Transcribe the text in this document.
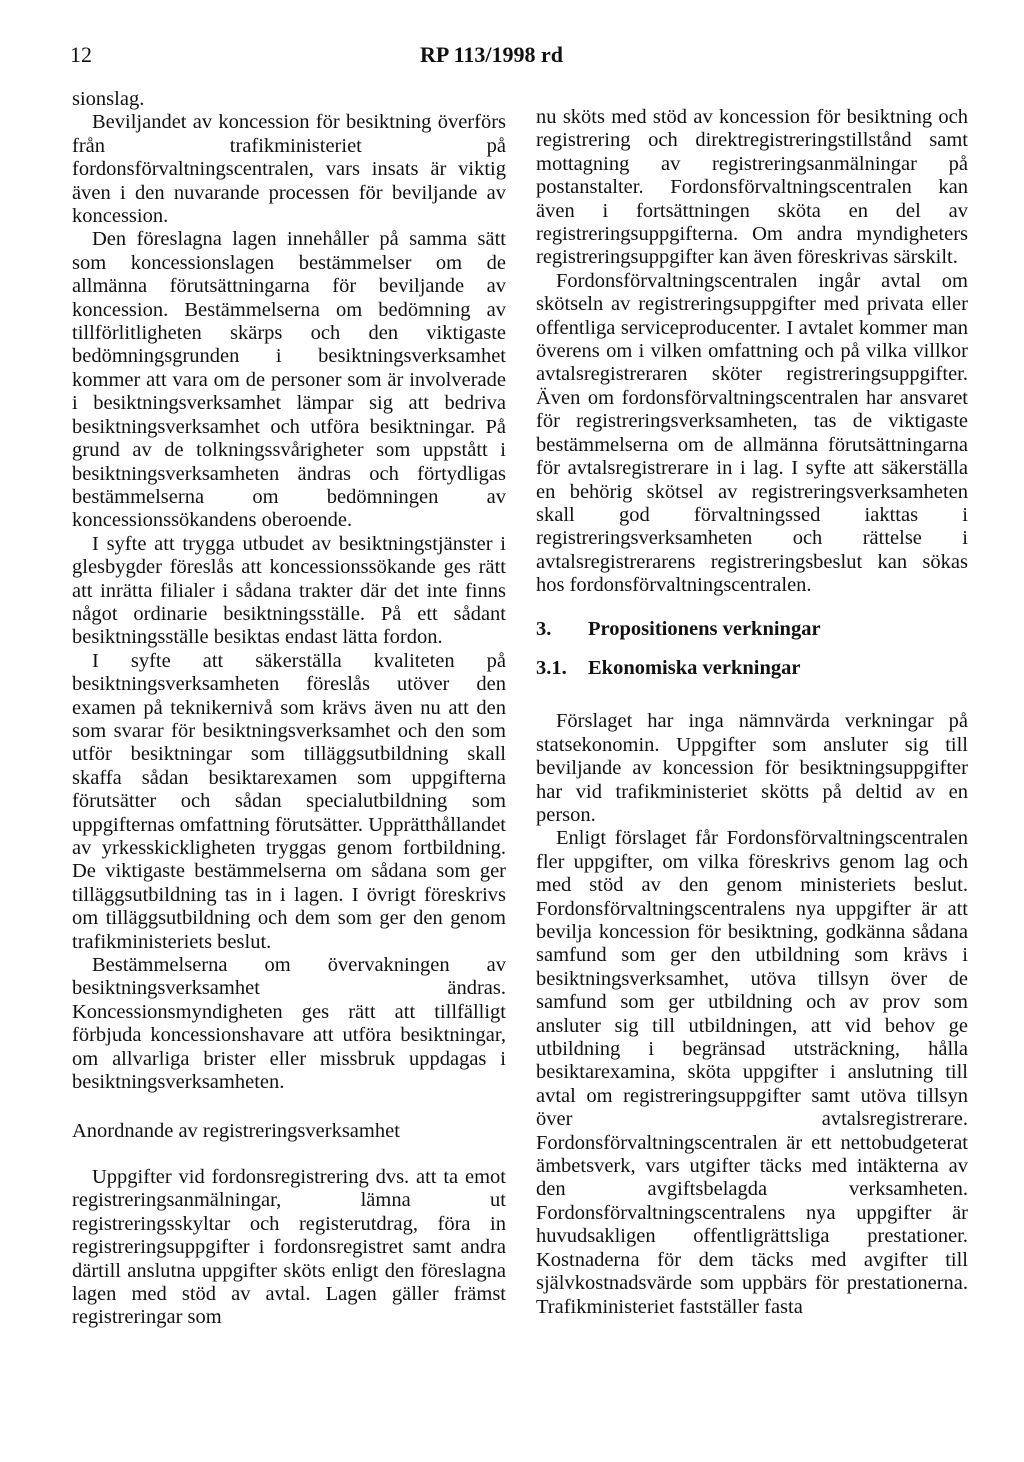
12	RP 113/1998 rd

sionslag.

Beviljandet av koncession för besiktning överförs från trafikministeriet på fordonsförvaltningscentralen, vars insats är viktig även i den nuvarande processen för beviljande av koncession.

Den föreslagna lagen innehåller på samma sätt som koncessionslagen bestämmelser om de allmänna förutsättningarna för beviljande av koncession. Bestämmelserna om bedömning av tillförlitligheten skärps och den viktigaste bedömningsgrunden i besiktningsverksamhet kommer att vara om de personer som är involverade i besiktningsverksamhet lämpar sig att bedriva besiktningsverksamhet och utföra besiktningar. På grund av de tolkningssvårigheter som uppstått i besiktningsverksamheten ändras och förtydligas bestämmelserna om bedömningen av koncessionssökandens oberoende.

I syfte att trygga utbudet av besiktningstjänster i glesbygder föreslås att koncessionssökande ges rätt att inrätta filialer i sådana trakter där det inte finns något ordinarie besiktningsställe. På ett sådant besiktningsställe besiktas endast lätta fordon.

I syfte att säkerställa kvaliteten på besiktningsverksamheten föreslås utöver den examen på teknikernivå som krävs även nu att den som svarar för besiktningsverksamhet och den som utför besiktningar som tilläggsutbildning skall skaffa sådan besiktarexamen som uppgifterna förutsätter och sådan specialutbildning som uppgifternas omfattning förutsätter. Upprätthållandet av yrkesskickligheten tryggas genom fortbildning. De viktigaste bestämmelserna om sådana som ger tilläggsutbildning tas in i lagen. I övrigt föreskrivs om tilläggsutbildning och dem som ger den genom trafikministeriets beslut.

Bestämmelserna om övervakningen av besiktningsverksamhet ändras. Koncessionsmyndigheten ges rätt att tillfälligt förbjuda koncessionshavare att utföra besiktningar, om allvarliga brister eller missbruk uppdagas i besiktningsverksamheten.

Anordnande av registreringsverksamhet

Uppgifter vid fordonsregistrering dvs. att ta emot registreringsanmälningar, lämna ut registreringsskyltar och registerutdrag, föra in registreringsuppgifter i fordonsregistret samt andra därtill anslutna uppgifter sköts enligt den föreslagna lagen med stöd av avtal. Lagen gäller främst registreringar som

nu sköts med stöd av koncession för besiktning och registrering och direktregistreringstillstånd samt mottagning av registreringsanmälningar på postanstalter. Fordonsförvaltningscentralen kan även i fortsättningen sköta en del av registreringsuppgifterna. Om andra myndigheters registreringsuppgifter kan även föreskrivas särskilt.

Fordonsförvaltningscentralen ingår avtal om skötseln av registreringsuppgifter med privata eller offentliga serviceproducenter. I avtalet kommer man överens om i vilken omfattning och på vilka villkor avtalsregistreraren sköter registreringsuppgifter. Även om fordonsförvaltningscentralen har ansvaret för registreringsverksamheten, tas de viktigaste bestämmelserna om de allmänna förutsättningarna för avtalsregistrerare in i lag. I syfte att säkerställa en behörig skötsel av registreringsverksamheten skall god förvaltningssed iakttas i registreringsverksamheten och rättelse i avtalsregistrerarens registreringsbeslut kan sökas hos fordonsförvaltningscentralen.

3.	Propositionens verkningar
3.1.	Ekonomiska verkningar

Förslaget har inga nämnvärda verkningar på statsekonomin. Uppgifter som ansluter sig till beviljande av koncession för besiktningsuppgifter har vid trafikministeriet skötts på deltid av en person.

Enligt förslaget får Fordonsförvaltningscentralen fler uppgifter, om vilka föreskrivs genom lag och med stöd av den genom ministeriets beslut. Fordonsförvaltningscentralens nya uppgifter är att bevilja koncession för besiktning, godkänna sådana samfund som ger den utbildning som krävs i besiktningsverksamhet, utöva tillsyn över de samfund som ger utbildning och av prov som ansluter sig till utbildningen, att vid behov ge utbildning i begränsad utsträckning, hålla besiktarexamina, sköta uppgifter i anslutning till avtal om registreringsuppgifter samt utöva tillsyn över avtalsregistrerare. Fordonsförvaltningscentralen är ett nettobudgeterat ämbetsverk, vars utgifter täcks med intäkterna av den avgiftsbelagda verksamheten. Fordonsförvaltningscentralens nya uppgifter är huvudsakligen offentligrättsliga prestationer. Kostnaderna för dem täcks med avgifter till självkostnadsvärde som uppbärs för prestationerna. Trafikministeriet fastställer fasta
